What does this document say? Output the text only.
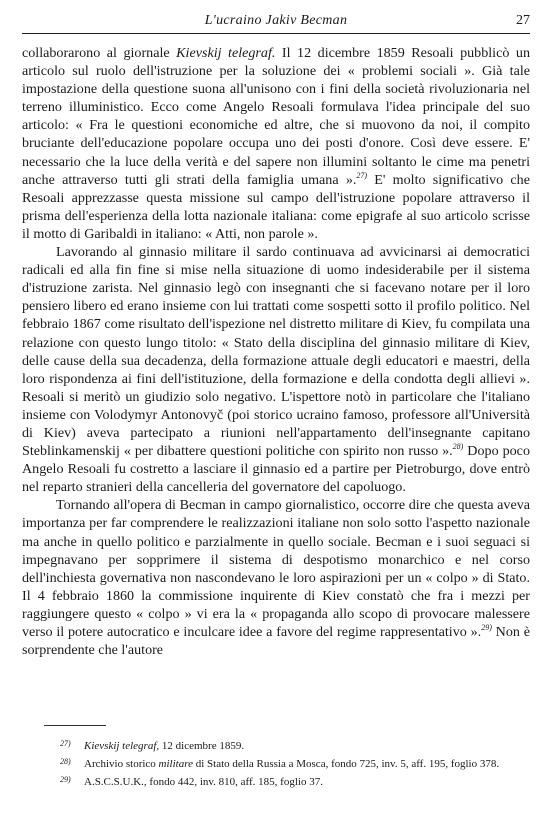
L'ucraino Jakiv Becman	27

collaborarono al giornale Kievskij telegraf. Il 12 dicembre 1859 Resoali pubblicò un articolo sul ruolo dell'istruzione per la soluzione dei « problemi sociali ». Già tale impostazione della questione suona all'unisono con i fini della società rivoluzionaria nel terreno illuministico. Ecco come Angelo Resoali formulava l'idea principale del suo articolo: « Fra le questioni economiche ed altre, che si muovono da noi, il compito bruciante dell'educazione popolare occupa uno dei posti d'onore. Così deve essere. E' necessario che la luce della verità e del sapere non illumini soltanto le cime ma penetri anche attraverso tutti gli strati della famiglia umana ».$^{27)}$ E' molto significativo che Resoali apprezzasse questa missione sul campo dell'istruzione popolare attraverso il prisma dell'esperienza della lotta nazionale italiana: come epigrafe al suo articolo scrisse il motto di Garibaldi in italiano: « Atti, non parole ».

Lavorando al ginnasio militare il sardo continuava ad avvicinarsi ai democratici radicali ed alla fin fine si mise nella situazione di uomo indesiderabile per il sistema d'istruzione zarista. Nel ginnasio legò con insegnanti che si facevano notare per il loro pensiero libero ed erano insieme con lui trattati come sospetti sotto il profilo politico. Nel febbraio 1867 come risultato dell'ispezione nel distretto militare di Kiev, fu compilata una relazione con questo lungo titolo: « Stato della disciplina del ginnasio militare di Kiev, delle cause della sua decadenza, della formazione attuale degli educatori e maestri, della loro rispondenza ai fini dell'istituzione, della formazione e della condotta degli allievi ». Resoali si meritò un giudizio solo negativo. L'ispettore notò in particolare che l'italiano insieme con Volodymyr Antonovyč (poi storico ucraino famoso, professore all'Università di Kiev) aveva partecipato a riunioni nell'appartamento dell'insegnante capitano Steblinkamenskij « per dibattere questioni politiche con spirito non russo ».$^{28)}$ Dopo poco Angelo Resoali fu costretto a lasciare il ginnasio ed a partire per Pietroburgo, dove entrò nel reparto stranieri della cancelleria del governatore del capoluogo.

Tornando all'opera di Becman in campo giornalistico, occorre dire che questa aveva importanza per far comprendere le realizzazioni italiane non solo sotto l'aspetto nazionale ma anche in quello politico e parzialmente in quello sociale. Becman e i suoi seguaci si impegnavano per sopprimere il sistema di despotismo monarchico e nel corso dell'inchiesta governativa non nascondevano le loro aspirazioni per un « colpo » di Stato. Il 4 febbraio 1860 la commissione inquirente di Kiev constatò che fra i mezzi per raggiungere questo « colpo » vi era la « propaganda allo scopo di provocare malessere verso il potere autocratico e inculcare idee a favore del regime rappresentativo ».$^{29)}$ Non è sorprendente che l'autore

27) Kievskij telegraf, 12 dicembre 1859.

28) Archivio storico militare di Stato della Russia a Mosca, fondo 725, inv. 5, aff. 195, foglio 378.

29) A.S.C.S.U.K., fondo 442, inv. 810, aff. 185, foglio 37.
